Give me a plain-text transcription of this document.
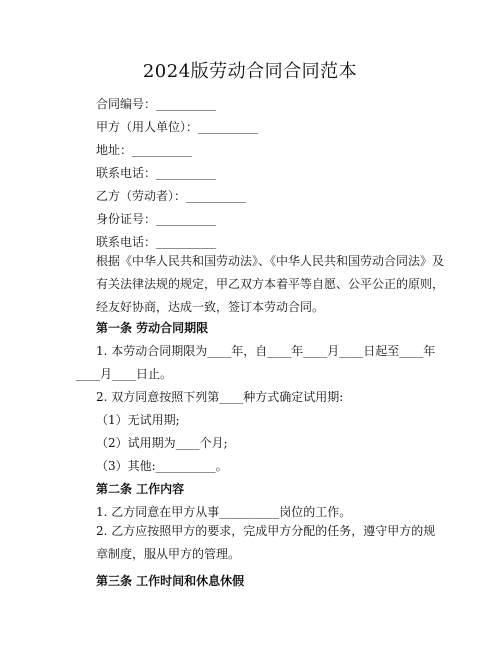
2024版劳动合同合同范本
合同编号：__________
甲方（用人单位）：__________
地址：__________
联系电话：__________
乙方（劳动者）：__________
身份证号：__________
联系电话：__________
根据《中华人民共和国劳动法》、《中华人民共和国劳动合同法》及有关法律法规的规定，甲乙双方本着平等自愿、公平公正的原则，经友好协商，达成一致，签订本劳动合同。
第一条 劳动合同期限
1. 本劳动合同期限为____年，自____年____月____日起至____年
____月____日止。
2. 双方同意按照下列第____种方式确定试用期:
（1）无试用期;
（2）试用期为____个月;
（3）其他:__________。
第二条 工作内容
1. 乙方同意在甲方从事__________岗位的工作。
2. 乙方应按照甲方的要求，完成甲方分配的任务，遵守甲方的规章制度，服从甲方的管理。
第三条 工作时间和休息休假
